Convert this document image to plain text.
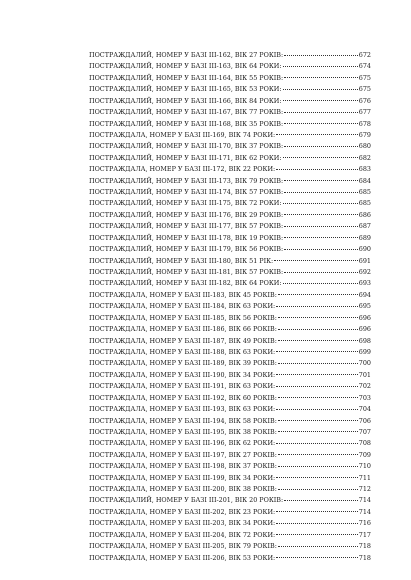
ПОСТРАЖДАЛИЙ, НОМЕР У БАЗІ ІІІ-162, ВІК 27 РОКІВ:	672
ПОСТРАЖДАЛИЙ, НОМЕР У БАЗІ ІІІ-163, ВІК 64 РОКИ:	674
ПОСТРАЖДАЛИЙ, НОМЕР У БАЗІ ІІІ-164, ВІК 55 РОКІВ:	675
ПОСТРАЖДАЛИЙ, НОМЕР У БАЗІ ІІІ-165, ВІК 53 РОКИ:	675
ПОСТРАЖДАЛИЙ, НОМЕР У БАЗІ ІІІ-166, ВІК 84 РОКИ:	676
ПОСТРАЖДАЛИЙ, НОМЕР У БАЗІ ІІІ-167, ВІК 77 РОКІВ:	677
ПОСТРАЖДАЛИЙ, НОМЕР У БАЗІ ІІІ-168, ВІК 35 РОКІВ:	678
ПОСТРАЖДАЛА, НОМЕР У БАЗІ ІІІ-169, ВІК 74 РОКИ:	679
ПОСТРАЖДАЛИЙ, НОМЕР У БАЗІ ІІІ-170, ВІК 37 РОКІВ:	680
ПОСТРАЖДАЛИЙ, НОМЕР У БАЗІ ІІІ-171, ВІК 62 РОКИ:	682
ПОСТРАЖДАЛА, НОМЕР У БАЗІ ІІІ-172, ВІК 22 РОКИ:	683
ПОСТРАЖДАЛИЙ, НОМЕР У БАЗІ ІІІ-173, ВІК 79 РОКІВ:	684
ПОСТРАЖДАЛИЙ, НОМЕР У БАЗІ ІІІ-174, ВІК 57 РОКІВ:	685
ПОСТРАЖДАЛИЙ, НОМЕР У БАЗІ ІІІ-175, ВІК 72 РОКИ:	685
ПОСТРАЖДАЛИЙ, НОМЕР У БАЗІ ІІІ-176, ВІК 29 РОКІВ:	686
ПОСТРАЖДАЛИЙ, НОМЕР У БАЗІ ІІІ-177, ВІК 57 РОКІВ:	687
ПОСТРАЖДАЛИЙ, НОМЕР У БАЗІ ІІІ-178, ВІК 19 РОКІВ:	689
ПОСТРАЖДАЛИЙ, НОМЕР У БАЗІ ІІІ-179, ВІК 56 РОКІВ:	690
ПОСТРАЖДАЛИЙ, НОМЕР У БАЗІ ІІІ-180, ВІК 51 РІК:	691
ПОСТРАЖДАЛИЙ, НОМЕР У БАЗІ ІІІ-181, ВІК 57 РОКІВ:	692
ПОСТРАЖДАЛИЙ, НОМЕР У БАЗІ ІІІ-182, ВІК 64 РОКИ:	693
ПОСТРАЖДАЛА, НОМЕР У БАЗІ ІІІ-183, ВІК 45 РОКІВ:	694
ПОСТРАЖДАЛА, НОМЕР У БАЗІ ІІІ-184, ВІК 63 РОКИ:	695
ПОСТРАЖДАЛА, НОМЕР У БАЗІ ІІІ-185, ВІК 56 РОКІВ:	696
ПОСТРАЖДАЛА, НОМЕР У БАЗІ ІІІ-186, ВІК 66 РОКІВ:	696
ПОСТРАЖДАЛА, НОМЕР У БАЗІ ІІІ-187, ВІК 49 РОКІВ:	698
ПОСТРАЖДАЛА, НОМЕР У БАЗІ ІІІ-188, ВІК 63 РОКИ:	699
ПОСТРАЖДАЛА, НОМЕР У БАЗІ ІІІ-189, ВІК 39 РОКІВ:	700
ПОСТРАЖДАЛА, НОМЕР У БАЗІ ІІІ-190, ВІК 34 РОКИ:	701
ПОСТРАЖДАЛА, НОМЕР У БАЗІ ІІІ-191, ВІК 63 РОКИ:	702
ПОСТРАЖДАЛА, НОМЕР У БАЗІ ІІІ-192, ВІК 60 РОКІВ:	703
ПОСТРАЖДАЛА, НОМЕР У БАЗІ ІІІ-193, ВІК 63 РОКИ:	704
ПОСТРАЖДАЛА, НОМЕР У БАЗІ ІІІ-194, ВІК 58 РОКІВ:	706
ПОСТРАЖДАЛА, НОМЕР У БАЗІ ІІІ-195, ВІК 38 РОКІВ:	707
ПОСТРАЖДАЛА, НОМЕР У БАЗІ ІІІ-196, ВІК 62 РОКИ:	708
ПОСТРАЖДАЛА, НОМЕР У БАЗІ ІІІ-197, ВІК 27 РОКІВ:	709
ПОСТРАЖДАЛА, НОМЕР У БАЗІ ІІІ-198, ВІК 37 РОКІВ:	710
ПОСТРАЖДАЛА, НОМЕР У БАЗІ ІІІ-199, ВІК 34 РОКИ:	711
ПОСТРАЖДАЛА, НОМЕР У БАЗІ ІІІ-200, ВІК 38 РОКІВ:	712
ПОСТРАЖДАЛИЙ, НОМЕР У БАЗІ ІІІ-201, ВІК 20 РОКІВ:	714
ПОСТРАЖДАЛА, НОМЕР У БАЗІ ІІІ-202, ВІК 23 РОКИ:	714
ПОСТРАЖДАЛА, НОМЕР У БАЗІ ІІІ-203, ВІК 34 РОКИ:	716
ПОСТРАЖДАЛА, НОМЕР У БАЗІ ІІІ-204, ВІК 72 РОКИ:	717
ПОСТРАЖДАЛА, НОМЕР У БАЗІ ІІІ-205, ВІК 79 РОКІВ:	718
ПОСТРАЖДАЛА, НОМЕР У БАЗІ ІІІ-206, ВІК 53 РОКИ:	718
